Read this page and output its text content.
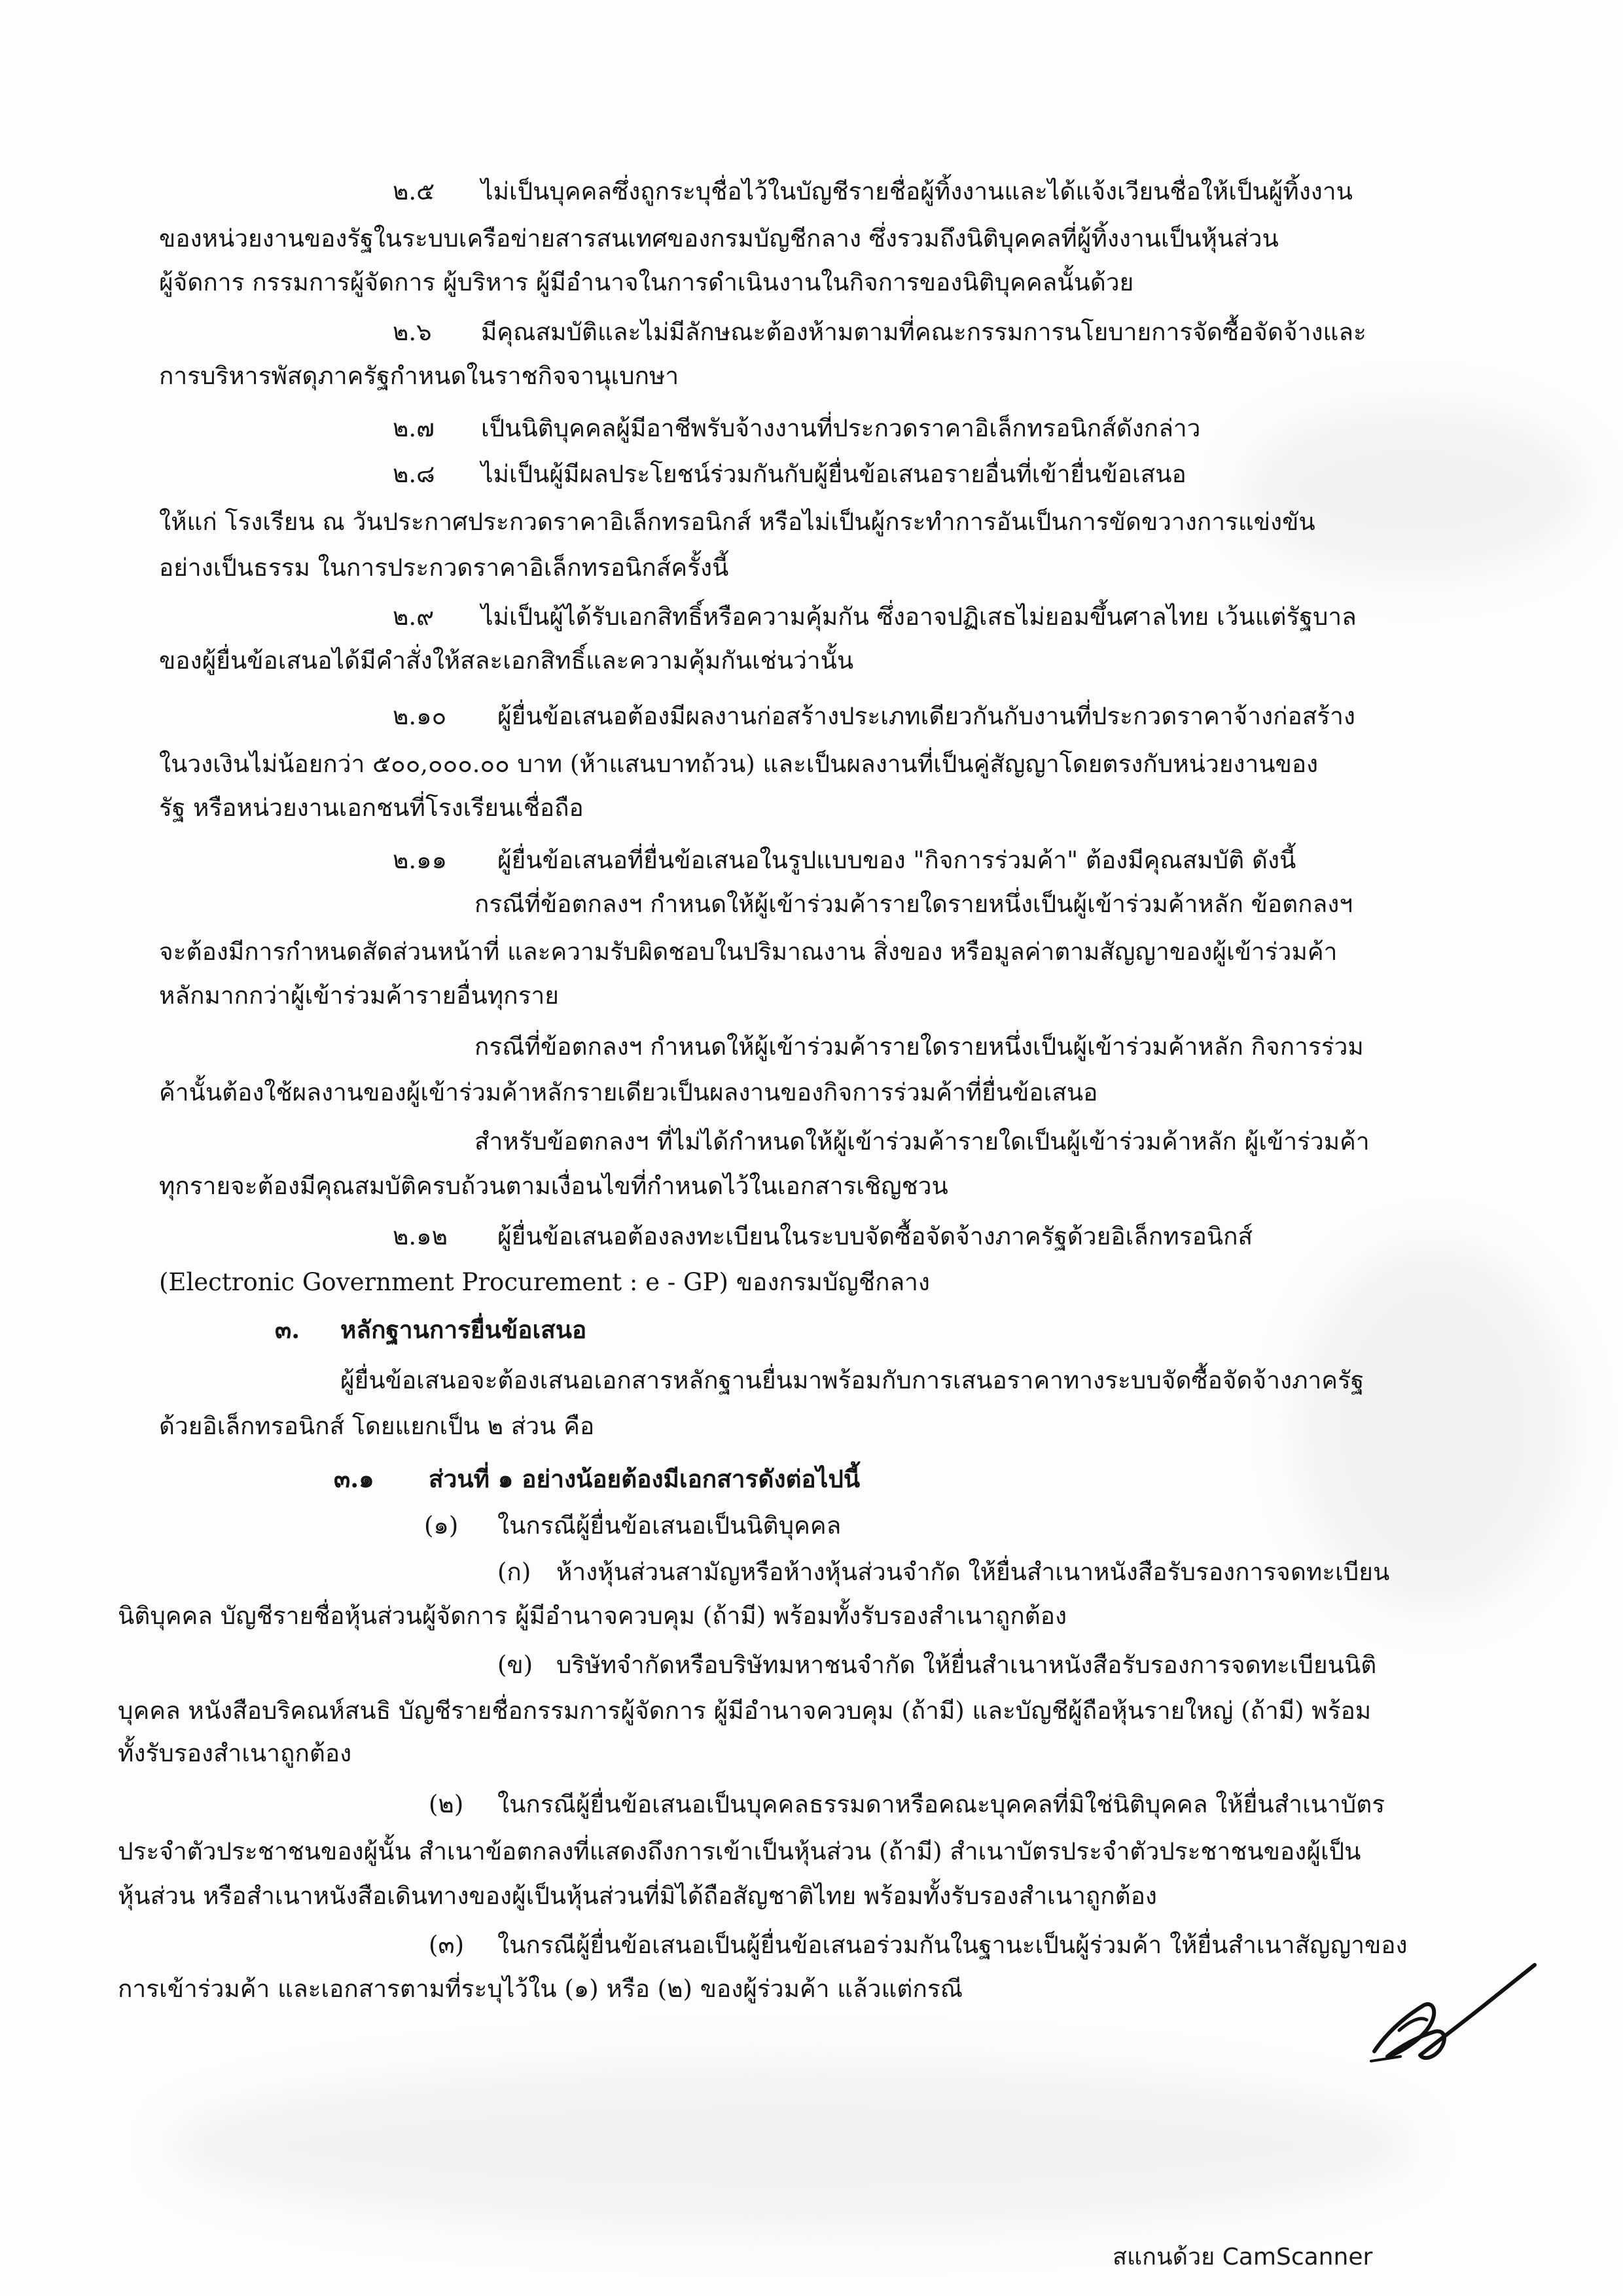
๒.๕ ไม่เป็นบุคคลซึ่งถูกระบุชื่อไว้ในบัญชีรายชื่อผู้ทิ้งงานและได้แจ้งเวียนชื่อให้เป็นผู้ทิ้งงาน
ของหน่วยงานของรัฐในระบบเครือข่ายสารสนเทศของกรมบัญชีกลาง ซึ่งรวมถึงนิติบุคคลที่ผู้ทิ้งงานเป็นหุ้นส่วน
ผู้จัดการ กรรมการผู้จัดการ ผู้บริหาร ผู้มีอำนาจในการดำเนินงานในกิจการของนิติบุคคลนั้นด้วย
๒.๖ มีคุณสมบัติและไม่มีลักษณะต้องห้ามตามที่คณะกรรมการนโยบายการจัดซื้อจัดจ้างและ
การบริหารพัสดุภาครัฐกำหนดในราชกิจจานุเบกษา
๒.๗ เป็นนิติบุคคลผู้มีอาชีพรับจ้างงานที่ประกวดราคาอิเล็กทรอนิกส์ดังกล่าว
๒.๘ ไม่เป็นผู้มีผลประโยชน์ร่วมกันกับผู้ยื่นข้อเสนอรายอื่นที่เข้ายื่นข้อเสนอ
ให้แก่ โรงเรียน ณ วันประกาศประกวดราคาอิเล็กทรอนิกส์ หรือไม่เป็นผู้กระทำการอันเป็นการขัดขวางการแข่งขัน
อย่างเป็นธรรม ในการประกวดราคาอิเล็กทรอนิกส์ครั้งนี้
๒.๙ ไม่เป็นผู้ได้รับเอกสิทธิ์หรือความคุ้มกัน ซึ่งอาจปฏิเสธไม่ยอมขึ้นศาลไทย เว้นแต่รัฐบาล
ของผู้ยื่นข้อเสนอได้มีคำสั่งให้สละเอกสิทธิ์และความคุ้มกันเช่นว่านั้น
๒.๑๐ ผู้ยื่นข้อเสนอต้องมีผลงานก่อสร้างประเภทเดียวกันกับงานที่ประกวดราคาจ้างก่อสร้าง
ในวงเงินไม่น้อยกว่า ๕๐๐,๐๐๐.๐๐ บาท (ห้าแสนบาทถ้วน) และเป็นผลงานที่เป็นคู่สัญญาโดยตรงกับหน่วยงานของ
รัฐ หรือหน่วยงานเอกชนที่โรงเรียนเชื่อถือ
๒.๑๑ ผู้ยื่นข้อเสนอที่ยื่นข้อเสนอในรูปแบบของ "กิจการร่วมค้า" ต้องมีคุณสมบัติ ดังนี้
กรณีที่ข้อตกลงฯ กำหนดให้ผู้เข้าร่วมค้ารายใดรายหนึ่งเป็นผู้เข้าร่วมค้าหลัก ข้อตกลงฯ
จะต้องมีการกำหนดสัดส่วนหน้าที่ และความรับผิดชอบในปริมาณงาน สิ่งของ หรือมูลค่าตามสัญญาของผู้เข้าร่วมค้า
หลักมากกว่าผู้เข้าร่วมค้ารายอื่นทุกราย
กรณีที่ข้อตกลงฯ กำหนดให้ผู้เข้าร่วมค้ารายใดรายหนึ่งเป็นผู้เข้าร่วมค้าหลัก กิจการร่วม
ค้านั้นต้องใช้ผลงานของผู้เข้าร่วมค้าหลักรายเดียวเป็นผลงานของกิจการร่วมค้าที่ยื่นข้อเสนอ
สำหรับข้อตกลงฯ ที่ไม่ได้กำหนดให้ผู้เข้าร่วมค้ารายใดเป็นผู้เข้าร่วมค้าหลัก ผู้เข้าร่วมค้า
ทุกรายจะต้องมีคุณสมบัติครบถ้วนตามเงื่อนไขที่กำหนดไว้ในเอกสารเชิญชวน
๒.๑๒ ผู้ยื่นข้อเสนอต้องลงทะเบียนในระบบจัดซื้อจัดจ้างภาครัฐด้วยอิเล็กทรอนิกส์
(Electronic Government Procurement : e - GP) ของกรมบัญชีกลาง
๓. หลักฐานการยื่นข้อเสนอ
ผู้ยื่นข้อเสนอจะต้องเสนอเอกสารหลักฐานยื่นมาพร้อมกับการเสนอราคาทางระบบจัดซื้อจัดจ้างภาครัฐ
ด้วยอิเล็กทรอนิกส์ โดยแยกเป็น ๒ ส่วน คือ
๓.๑ ส่วนที่ ๑ อย่างน้อยต้องมีเอกสารดังต่อไปนี้
(๑) ในกรณีผู้ยื่นข้อเสนอเป็นนิติบุคคล
(ก) ห้างหุ้นส่วนสามัญหรือห้างหุ้นส่วนจำกัด ให้ยื่นสำเนาหนังสือรับรองการจดทะเบียน
นิติบุคคล บัญชีรายชื่อหุ้นส่วนผู้จัดการ ผู้มีอำนาจควบคุม (ถ้ามี) พร้อมทั้งรับรองสำเนาถูกต้อง
(ข) บริษัทจำกัดหรือบริษัทมหาชนจำกัด ให้ยื่นสำเนาหนังสือรับรองการจดทะเบียนนิติ
บุคคล หนังสือบริคณห์สนธิ บัญชีรายชื่อกรรมการผู้จัดการ ผู้มีอำนาจควบคุม (ถ้ามี) และบัญชีผู้ถือหุ้นรายใหญ่ (ถ้ามี) พร้อม
ทั้งรับรองสำเนาถูกต้อง
(๒) ในกรณีผู้ยื่นข้อเสนอเป็นบุคคลธรรมดาหรือคณะบุคคลที่มิใช่นิติบุคคล ให้ยื่นสำเนาบัตร
ประจำตัวประชาชนของผู้นั้น สำเนาข้อตกลงที่แสดงถึงการเข้าเป็นหุ้นส่วน (ถ้ามี) สำเนาบัตรประจำตัวประชาชนของผู้เป็น
หุ้นส่วน หรือสำเนาหนังสือเดินทางของผู้เป็นหุ้นส่วนที่มิได้ถือสัญชาติไทย พร้อมทั้งรับรองสำเนาถูกต้อง
(๓) ในกรณีผู้ยื่นข้อเสนอเป็นผู้ยื่นข้อเสนอร่วมกันในฐานะเป็นผู้ร่วมค้า ให้ยื่นสำเนาสัญญาของ
การเข้าร่วมค้า และเอกสารตามที่ระบุไว้ใน (๑) หรือ (๒) ของผู้ร่วมค้า แล้วแต่กรณี
สแกนด้วย CamScanner
